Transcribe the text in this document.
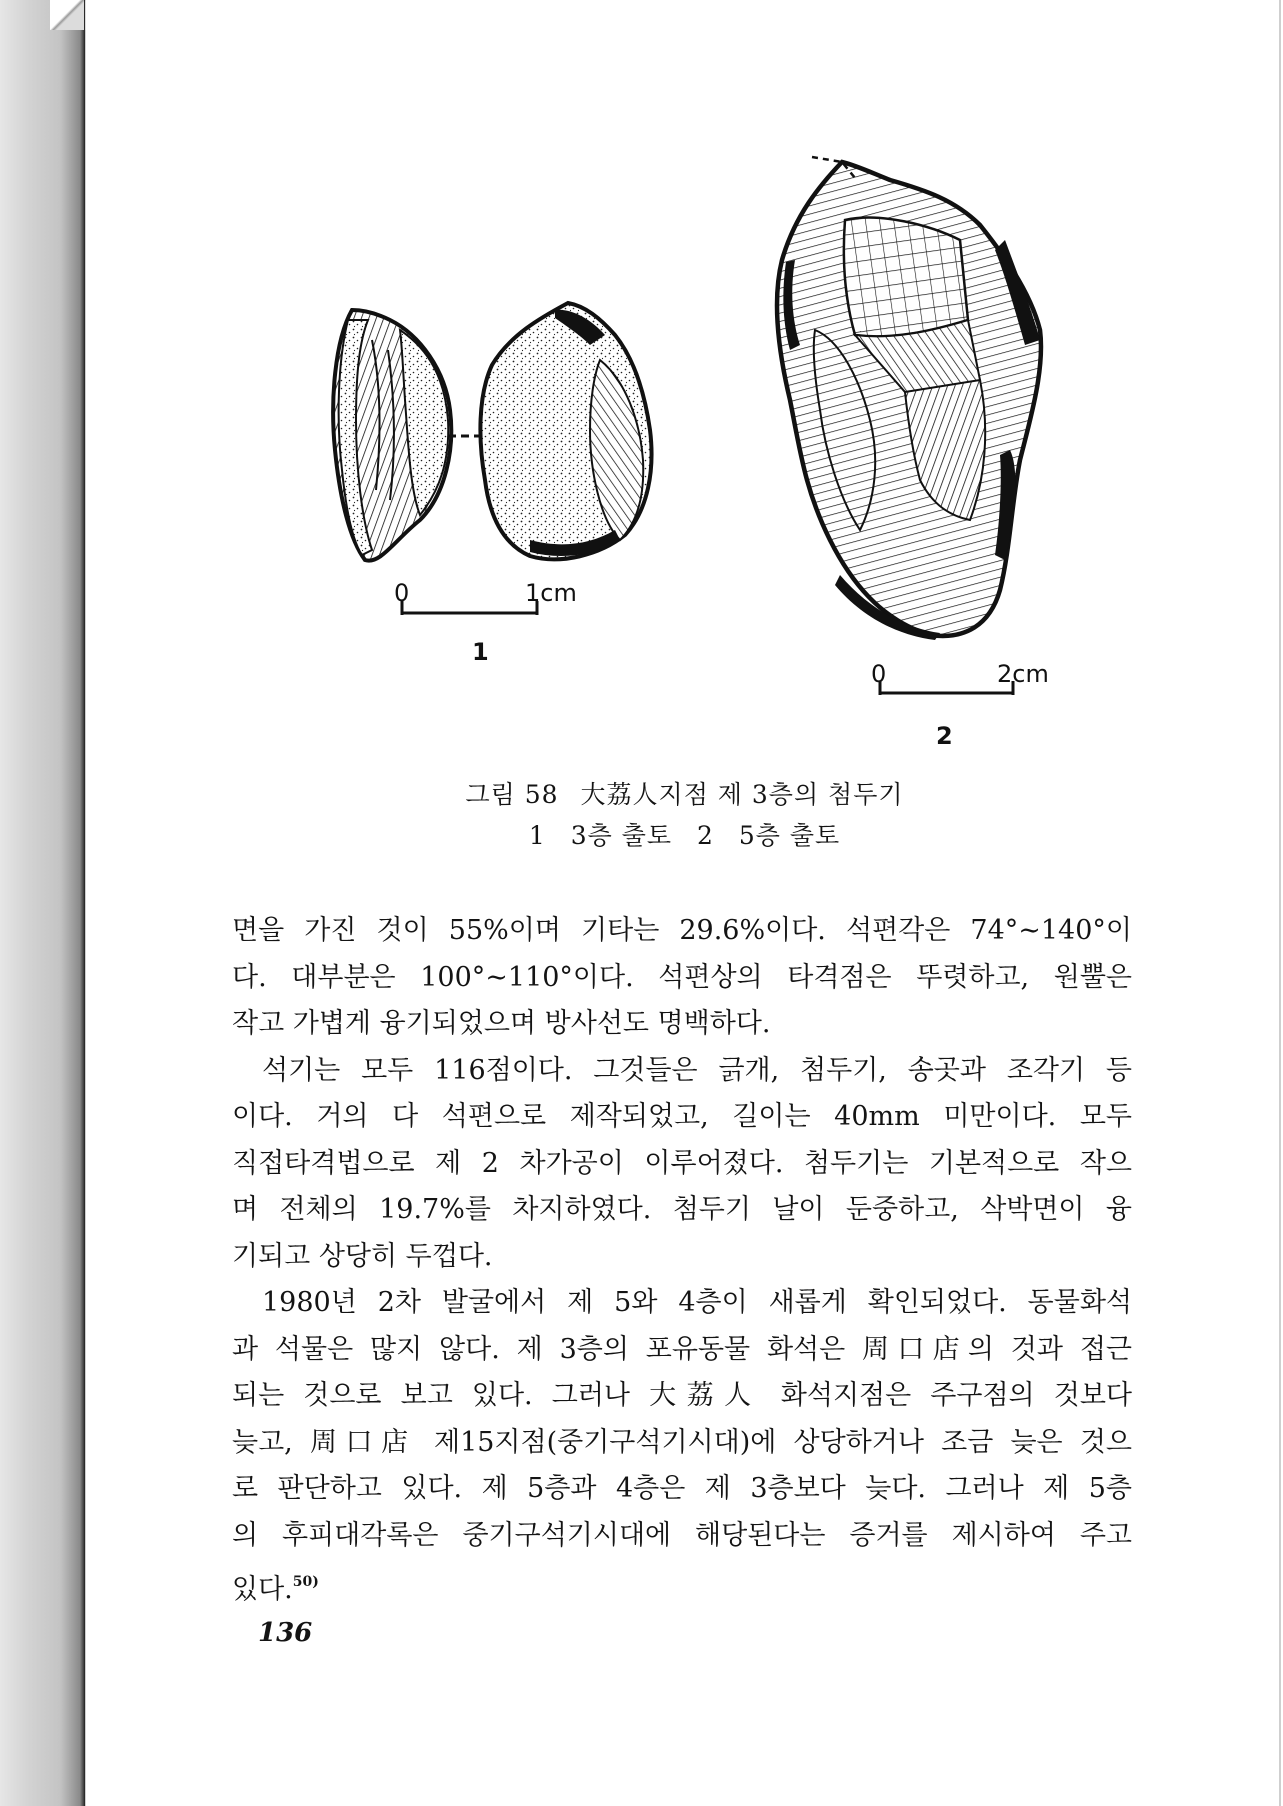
0	1cm
1
0	2cm
2
그림 58 大荔人지점 제 3층의 첨두기
1 3층 출토 2 5층 출토

면을 가진 것이 55%이며 기타는 29.6%이다. 석편각은 74°∼140°이

다. 대부분은 100°∼110°이다. 석편상의 타격점은 뚜렷하고, 원뿔은

작고 가볍게 융기되었으며 방사선도 명백하다.

석기는 모두 116점이다. 그것들은 긁개, 첨두기, 송곳과 조각기 등

이다. 거의 다 석편으로 제작되었고, 길이는 40mm 미만이다. 모두

직접타격법으로 제 2 차가공이 이루어졌다. 첨두기는 기본적으로 작으

며 전체의 19.7%를 차지하였다. 첨두기 날이 둔중하고, 삭박면이 융

기되고 상당히 두껍다.

1980년 2차 발굴에서 제 5와 4층이 새롭게 확인되었다. 동물화석

과 석물은 많지 않다. 제 3층의 포유동물 화석은 周口店의 것과 접근

되는 것으로 보고 있다. 그러나 大荔人 화석지점은 주구점의 것보다

늦고, 周口店 제15지점(중기구석기시대)에 상당하거나 조금 늦은 것으

로 판단하고 있다. 제 5층과 4층은 제 3층보다 늦다. 그러나 제 5층

의 후피대각록은 중기구석기시대에 해당된다는 증거를 제시하여 주고

있다.$^{50)}$

136
